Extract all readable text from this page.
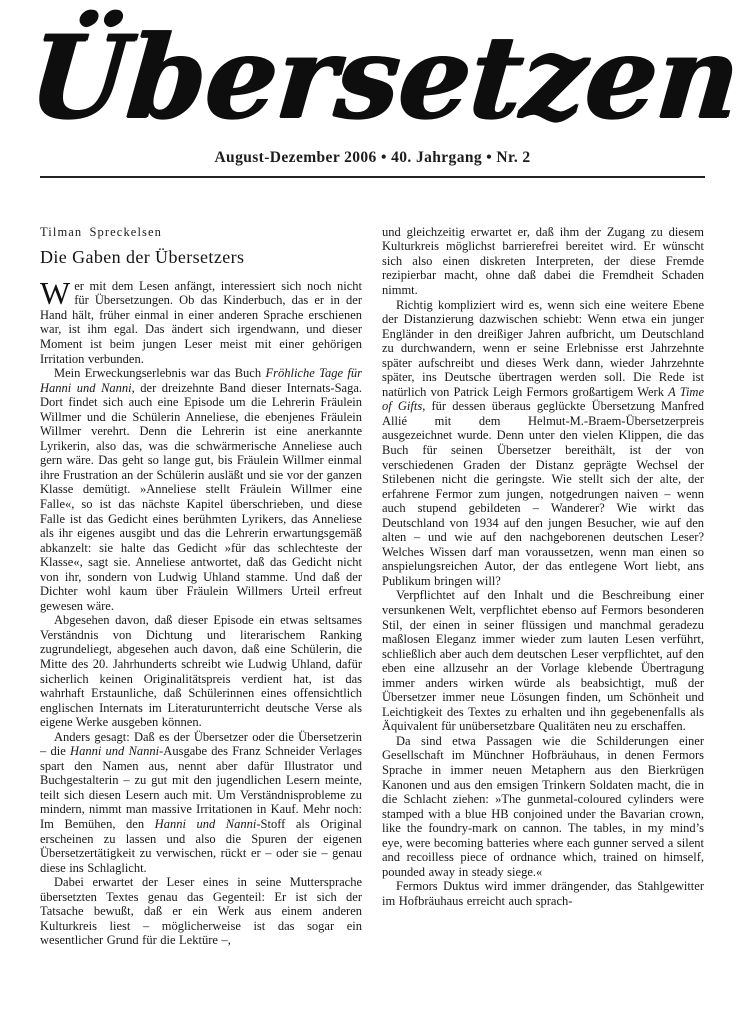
Übersetzen
August-Dezember 2006 • 40. Jahrgang • Nr. 2
Tilman Spreckelsen
Die Gaben der Übersetzers

Wer mit dem Lesen anfängt, interessiert sich noch nicht für Übersetzungen. Ob das Kinderbuch, das er in der Hand hält, früher einmal in einer anderen Sprache erschienen war, ist ihm egal. Das ändert sich irgendwann, und dieser Moment ist beim jungen Leser meist mit einer gehörigen Irritation verbunden.

Mein Erweckungserlebnis war das Buch Fröhliche Tage für Hanni und Nanni, der dreizehnte Band dieser Internats-Saga. Dort findet sich auch eine Episode um die Lehrerin Fräulein Willmer und die Schülerin Anneliese, die ebenjenes Fräulein Willmer verehrt. Denn die Lehrerin ist eine anerkannte Lyrikerin, also das, was die schwärmerische Anneliese auch gern wäre. Das geht so lange gut, bis Fräulein Willmer einmal ihre Frustration an der Schülerin ausläßt und sie vor der ganzen Klasse demütigt. »Anneliese stellt Fräulein Willmer eine Falle«, so ist das nächste Kapitel überschrieben, und diese Falle ist das Gedicht eines berühmten Lyrikers, das Anneliese als ihr eigenes ausgibt und das die Lehrerin erwartungsgemäß abkanzelt: sie halte das Gedicht »für das schlechteste der Klasse«, sagt sie. Anneliese antwortet, daß das Gedicht nicht von ihr, sondern von Ludwig Uhland stamme. Und daß der Dichter wohl kaum über Fräulein Willmers Urteil erfreut gewesen wäre.

Abgesehen davon, daß dieser Episode ein etwas seltsames Verständnis von Dichtung und literarischem Ranking zugrundeliegt, abgesehen auch davon, daß eine Schülerin, die Mitte des 20. Jahrhunderts schreibt wie Ludwig Uhland, dafür sicherlich keinen Originalitätspreis verdient hat, ist das wahrhaft Erstaunliche, daß Schülerinnen eines offensichtlich englischen Internats im Literaturunterricht deutsche Verse als eigene Werke ausgeben können.

Anders gesagt: Daß es der Übersetzer oder die Übersetzerin – die Hanni und Nanni-Ausgabe des Franz Schneider Verlages spart den Namen aus, nennt aber dafür Illustrator und Buchgestalterin – zu gut mit den jugendlichen Lesern meinte, teilt sich diesen Lesern auch mit. Um Verständnisprobleme zu mindern, nimmt man massive Irritationen in Kauf. Mehr noch: Im Bemühen, den Hanni und Nanni-Stoff als Original erscheinen zu lassen und also die Spuren der eigenen Übersetzertätigkeit zu verwischen, rückt er – oder sie – genau diese ins Schlaglicht.

Dabei erwartet der Leser eines in seine Muttersprache übersetzten Textes genau das Gegenteil: Er ist sich der Tatsache bewußt, daß er ein Werk aus einem anderen Kulturkreis liest – möglicherweise ist das sogar ein wesentlicher Grund für die Lektüre –,

und gleichzeitig erwartet er, daß ihm der Zugang zu diesem Kulturkreis möglichst barrierefrei bereitet wird. Er wünscht sich also einen diskreten Interpreten, der diese Fremde rezipierbar macht, ohne daß dabei die Fremdheit Schaden nimmt.

Richtig kompliziert wird es, wenn sich eine weitere Ebene der Distanzierung dazwischen schiebt: Wenn etwa ein junger Engländer in den dreißiger Jahren aufbricht, um Deutschland zu durchwandern, wenn er seine Erlebnisse erst Jahrzehnte später aufschreibt und dieses Werk dann, wieder Jahrzehnte später, ins Deutsche übertragen werden soll. Die Rede ist natürlich von Patrick Leigh Fermors großartigem Werk A Time of Gifts, für dessen überaus geglückte Übersetzung Manfred Allié mit dem Helmut-M.-Braem-Übersetzerpreis ausgezeichnet wurde. Denn unter den vielen Klippen, die das Buch für seinen Übersetzer bereithält, ist der von verschiedenen Graden der Distanz geprägte Wechsel der Stilebenen nicht die geringste. Wie stellt sich der alte, der erfahrene Fermor zum jungen, notgedrungen naiven – wenn auch stupend gebildeten – Wanderer? Wie wirkt das Deutschland von 1934 auf den jungen Besucher, wie auf den alten – und wie auf den nachgeborenen deutschen Leser? Welches Wissen darf man voraussetzen, wenn man einen so anspielungsreichen Autor, der das entlegene Wort liebt, ans Publikum bringen will?

Verpflichtet auf den Inhalt und die Beschreibung einer versunkenen Welt, verpflichtet ebenso auf Fermors besonderen Stil, der einen in seiner flüssigen und manchmal geradezu maßlosen Eleganz immer wieder zum lauten Lesen verführt, schließlich aber auch dem deutschen Leser verpflichtet, auf den eben eine allzusehr an der Vorlage klebende Übertragung immer anders wirken würde als beabsichtigt, muß der Übersetzer immer neue Lösungen finden, um Schönheit und Leichtigkeit des Textes zu erhalten und ihn gegebenenfalls als Äquivalent für unübersetzbare Qualitäten neu zu erschaffen.

Da sind etwa Passagen wie die Schilderungen einer Gesellschaft im Münchner Hofbräuhaus, in denen Fermors Sprache in immer neuen Metaphern aus den Bierkrügen Kanonen und aus den emsigen Trinkern Soldaten macht, die in die Schlacht ziehen: »The gunmetal-coloured cylinders were stamped with a blue HB conjoined under the Bavarian crown, like the foundry-mark on cannon. The tables, in my mind’s eye, were becoming batteries where each gunner served a silent and recoilless piece of ordnance which, trained on himself, pounded away in steady siege.«

Fermors Duktus wird immer drängender, das Stahlgewitter im Hofbräuhaus erreicht auch sprach-
